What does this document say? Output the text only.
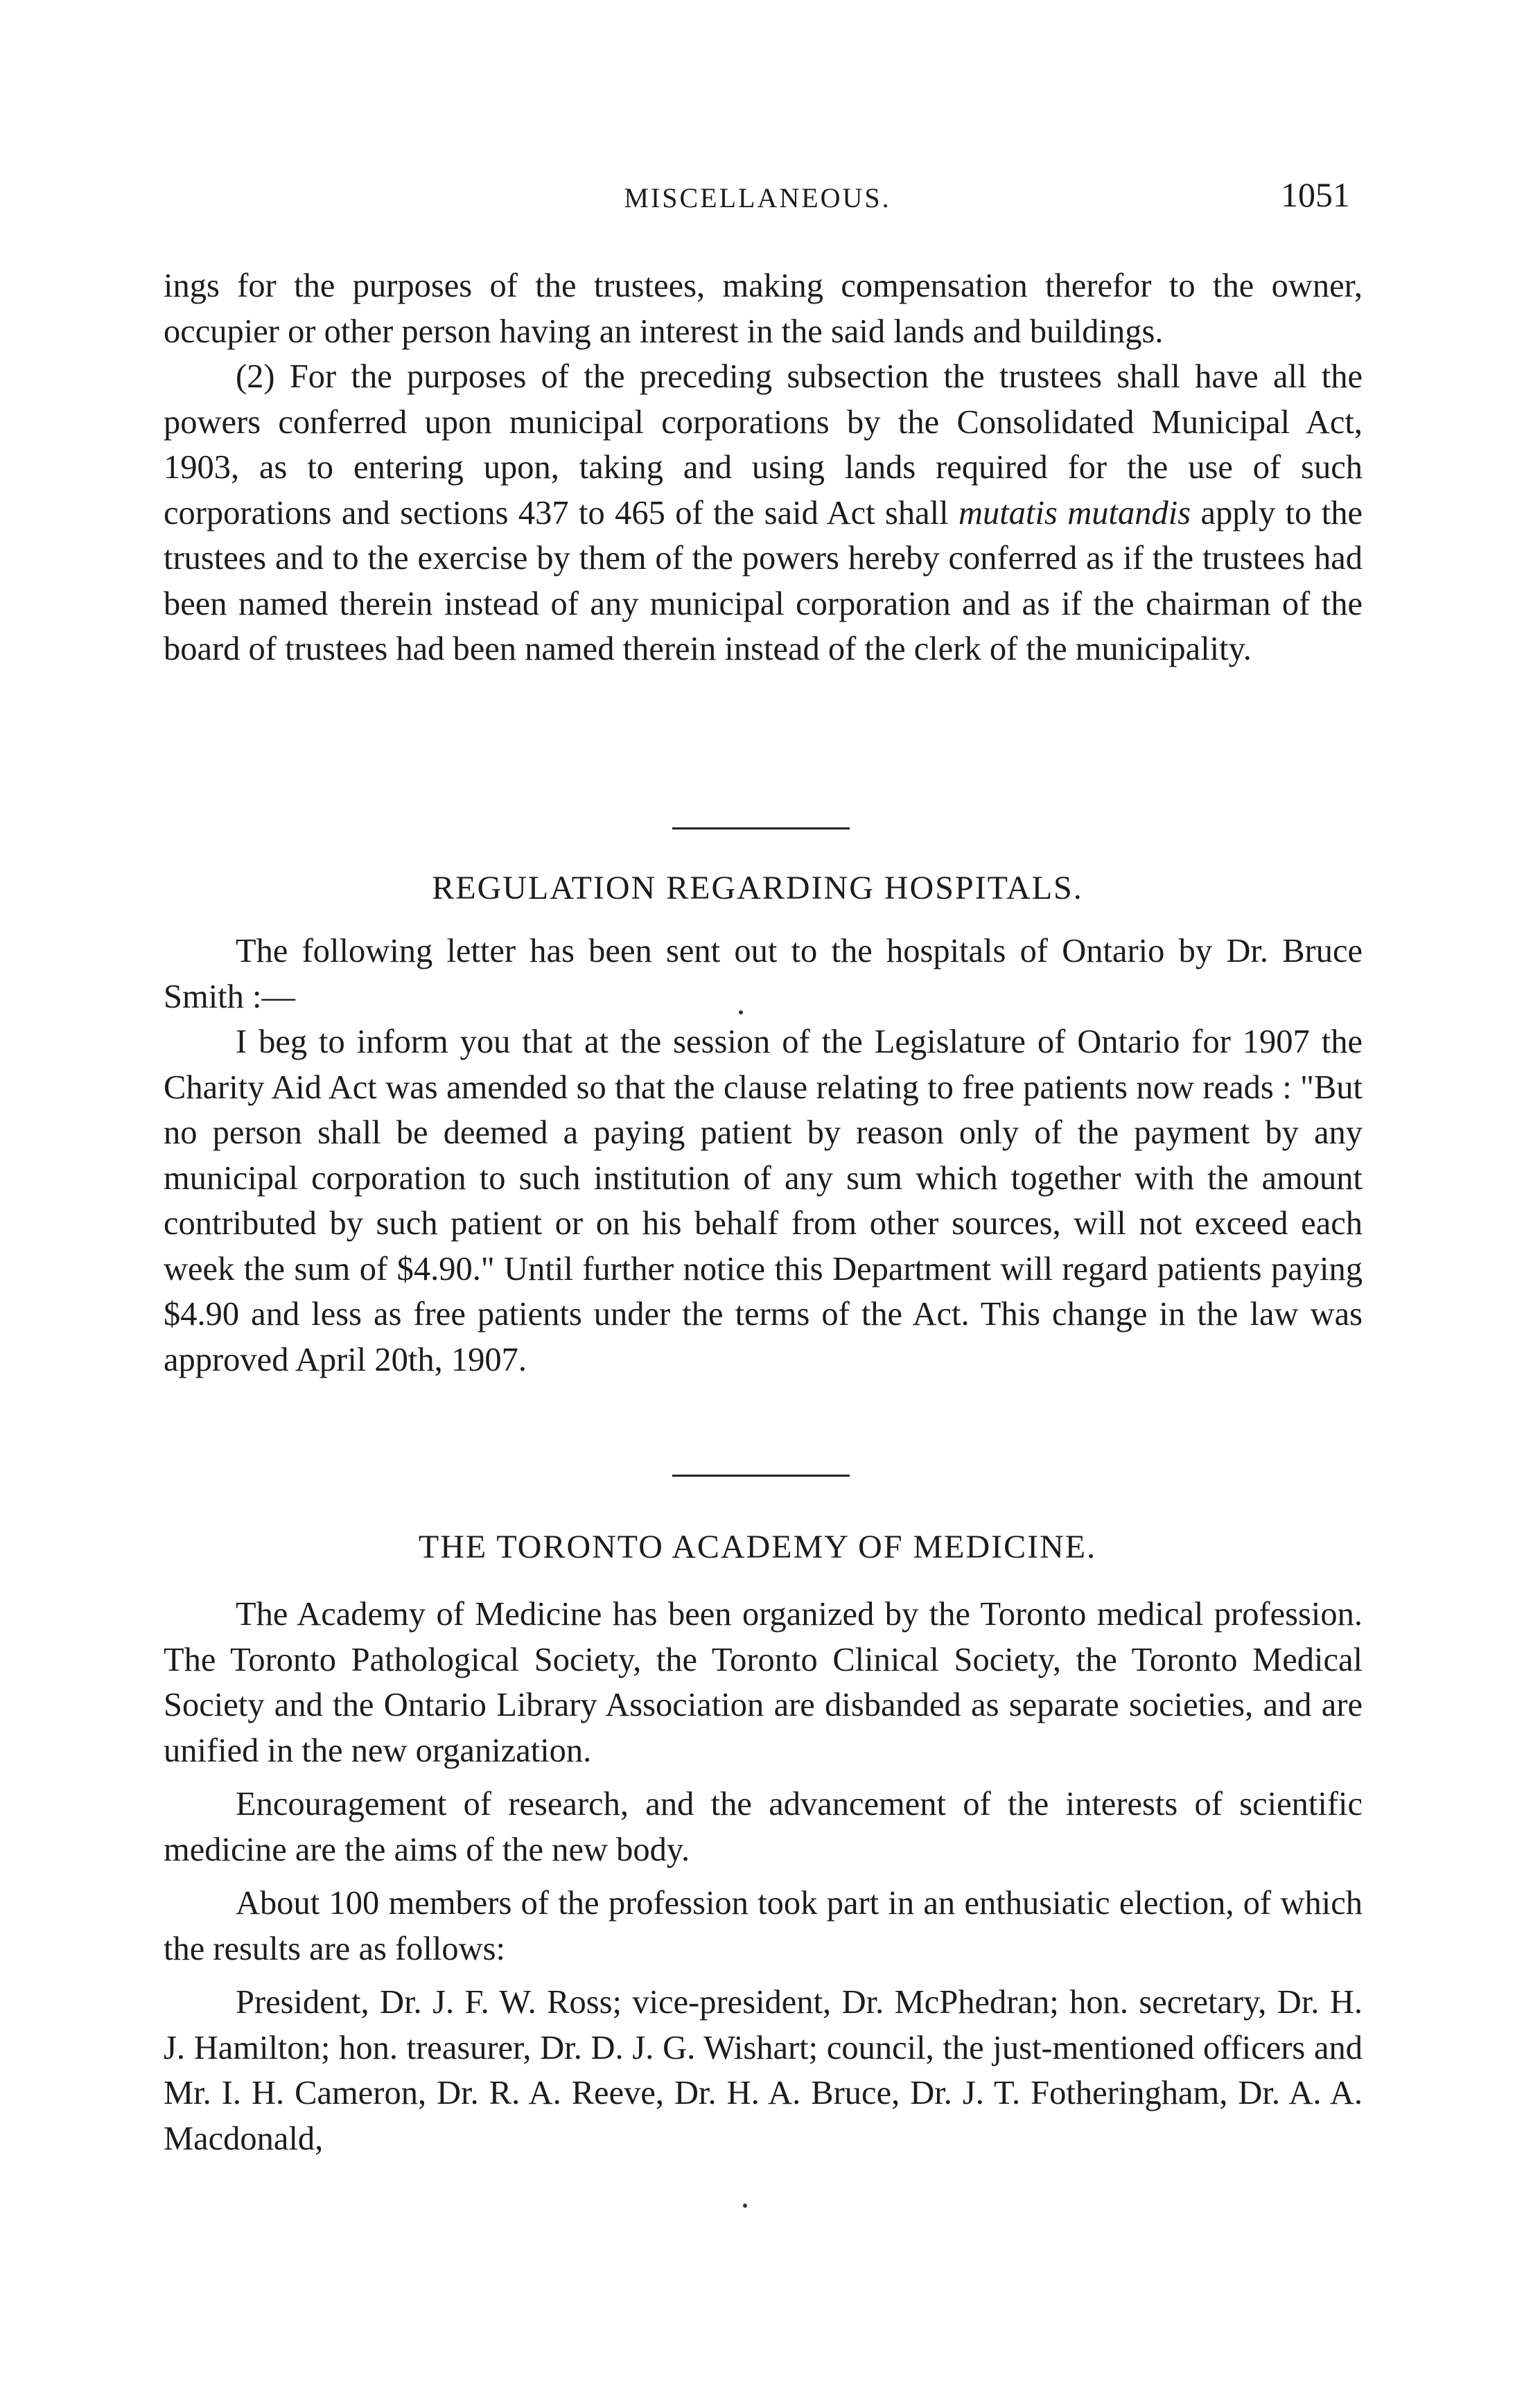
MISCELLANEOUS.	1051

ings for the purposes of the trustees, making compensation therefor to the owner, occupier or other person having an interest in the said lands and buildings.

(2) For the purposes of the preceding subsection the trustees shall have all the powers conferred upon municipal corporations by the Consolidated Municipal Act, 1903, as to entering upon, taking and using lands required for the use of such corporations and sections 437 to 465 of the said Act shall mutatis mutandis apply to the trustees and to the exercise by them of the powers hereby conferred as if the trustees had been named therein instead of any municipal corporation and as if the chairman of the board of trustees had been named therein instead of the clerk of the municipality.

REGULATION REGARDING HOSPITALS.

The following letter has been sent out to the hospitals of Ontario by Dr. Bruce Smith :—

I beg to inform you that at the session of the Legislature of Ontario for 1907 the Charity Aid Act was amended so that the clause relating to free patients now reads : "But no person shall be deemed a paying patient by reason only of the payment by any municipal corporation to such institution of any sum which together with the amount contributed by such patient or on his behalf from other sources, will not exceed each week the sum of $4.90." Until further notice this Department will regard patients paying $4.90 and less as free patients under the terms of the Act. This change in the law was approved April 20th, 1907.

THE TORONTO ACADEMY OF MEDICINE.

The Academy of Medicine has been organized by the Toronto medical profession. The Toronto Pathological Society, the Toronto Clinical Society, the Toronto Medical Society and the Ontario Library Association are disbanded as separate societies, and are unified in the new organization.

Encouragement of research, and the advancement of the interests of scientific medicine are the aims of the new body.

About 100 members of the profession took part in an enthusiatic election, of which the results are as follows:

President, Dr. J. F. W. Ross; vice-president, Dr. McPhedran; hon. secretary, Dr. H. J. Hamilton; hon. treasurer, Dr. D. J. G. Wishart; council, the just-mentioned officers and Mr. I. H. Cameron, Dr. R. A. Reeve, Dr. H. A. Bruce, Dr. J. T. Fotheringham, Dr. A. A. Macdonald,
